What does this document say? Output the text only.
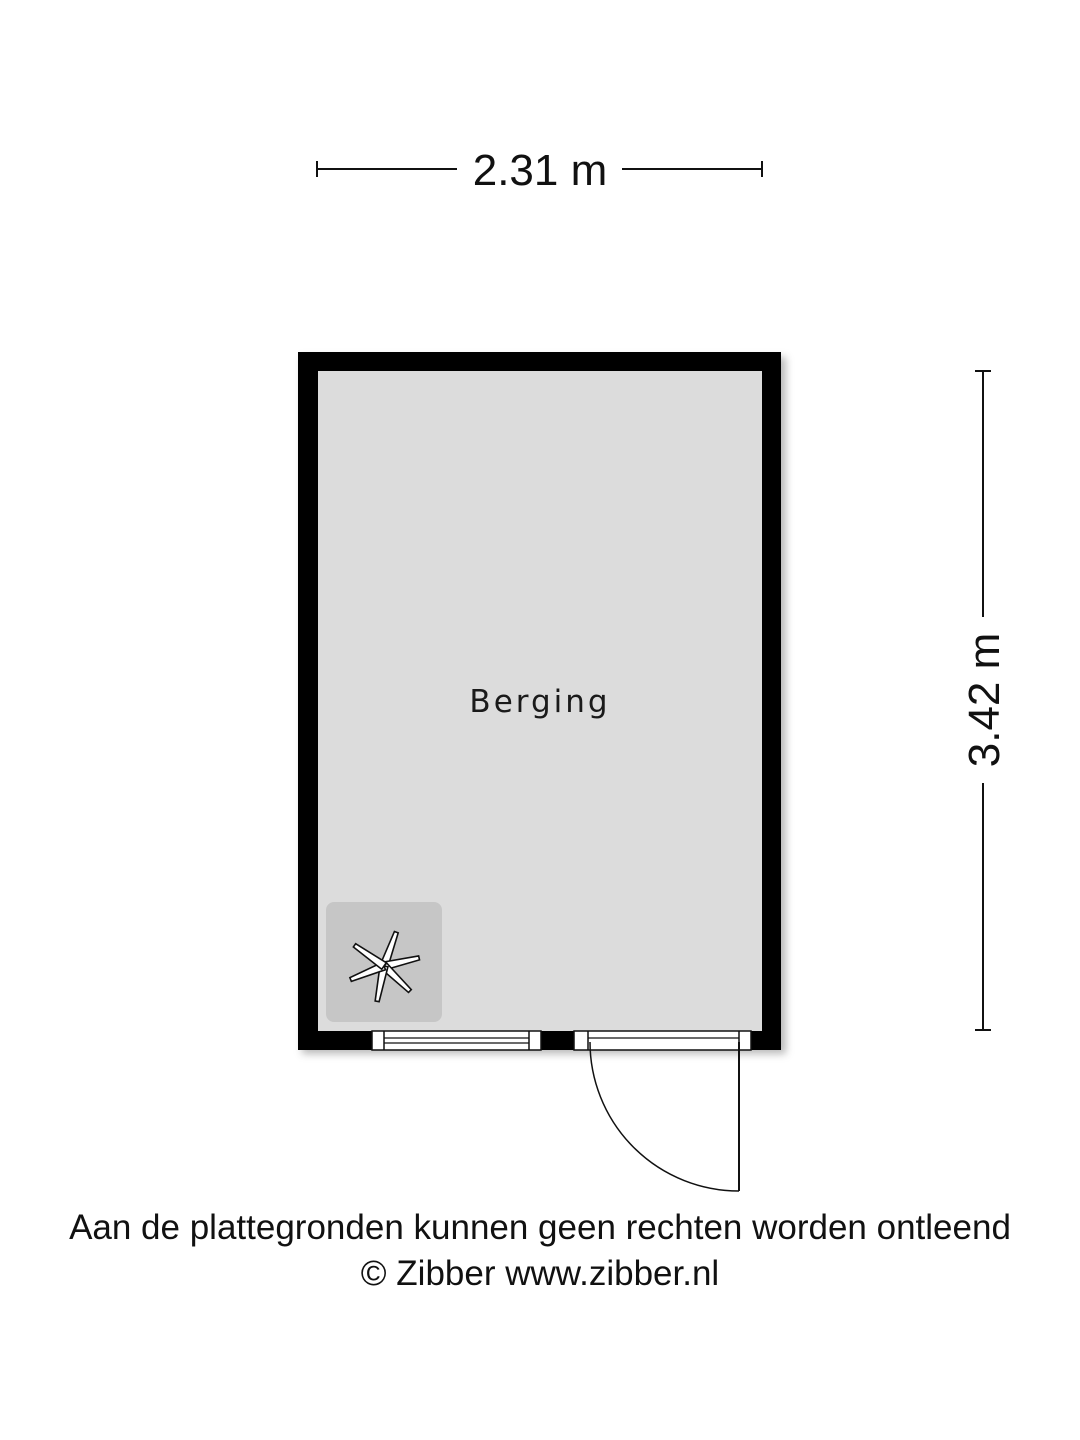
2.31 m
3.42 m
Berging
Aan de plattegronden kunnen geen rechten worden ontleend
© Zibber www.zibber.nl
